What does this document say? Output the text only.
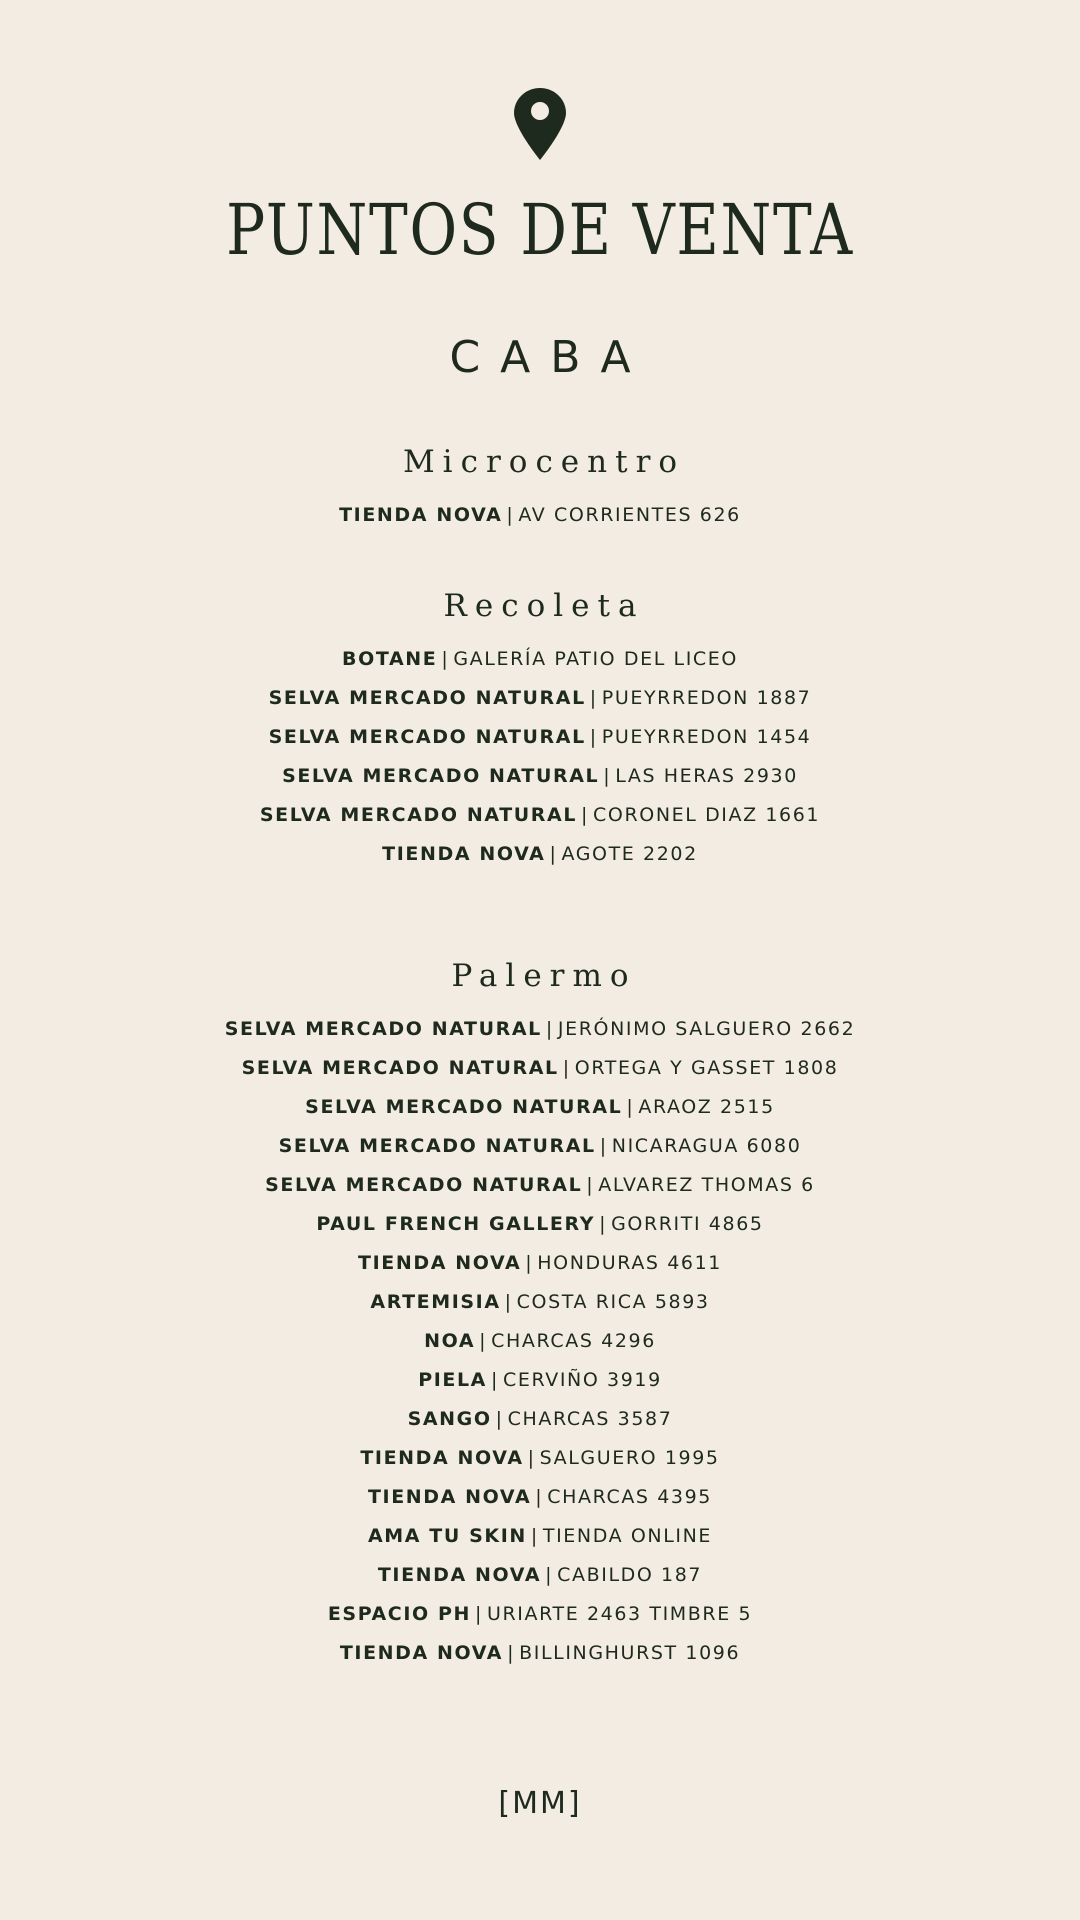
PUNTOS DE VENTA
CABA
Microcentro
TIENDA NOVA | AV CORRIENTES 626
Recoleta
BOTANE | GALERÍA PATIO DEL LICEO
SELVA MERCADO NATURAL | PUEYRREDON 1887
SELVA MERCADO NATURAL | PUEYRREDON 1454
SELVA MERCADO NATURAL | LAS HERAS 2930
SELVA MERCADO NATURAL | CORONEL DIAZ 1661
TIENDA NOVA | AGOTE 2202
Palermo
SELVA MERCADO NATURAL | JERÓNIMO SALGUERO 2662
SELVA MERCADO NATURAL | ORTEGA Y GASSET 1808
SELVA MERCADO NATURAL | ARAOZ 2515
SELVA MERCADO NATURAL | NICARAGUA 6080
SELVA MERCADO NATURAL | ALVAREZ THOMAS 6
PAUL FRENCH GALLERY | GORRITI 4865
TIENDA NOVA | HONDURAS 4611
ARTEMISIA | COSTA RICA 5893
NOA | CHARCAS 4296
PIELA | CERVIÑO 3919
SANGO | CHARCAS 3587
TIENDA NOVA | SALGUERO 1995
TIENDA NOVA | CHARCAS 4395
AMA TU SKIN | TIENDA ONLINE
TIENDA NOVA | CABILDO 187
ESPACIO PH | URIARTE 2463 TIMBRE 5
TIENDA NOVA | BILLINGHURST 1096
[MM]
